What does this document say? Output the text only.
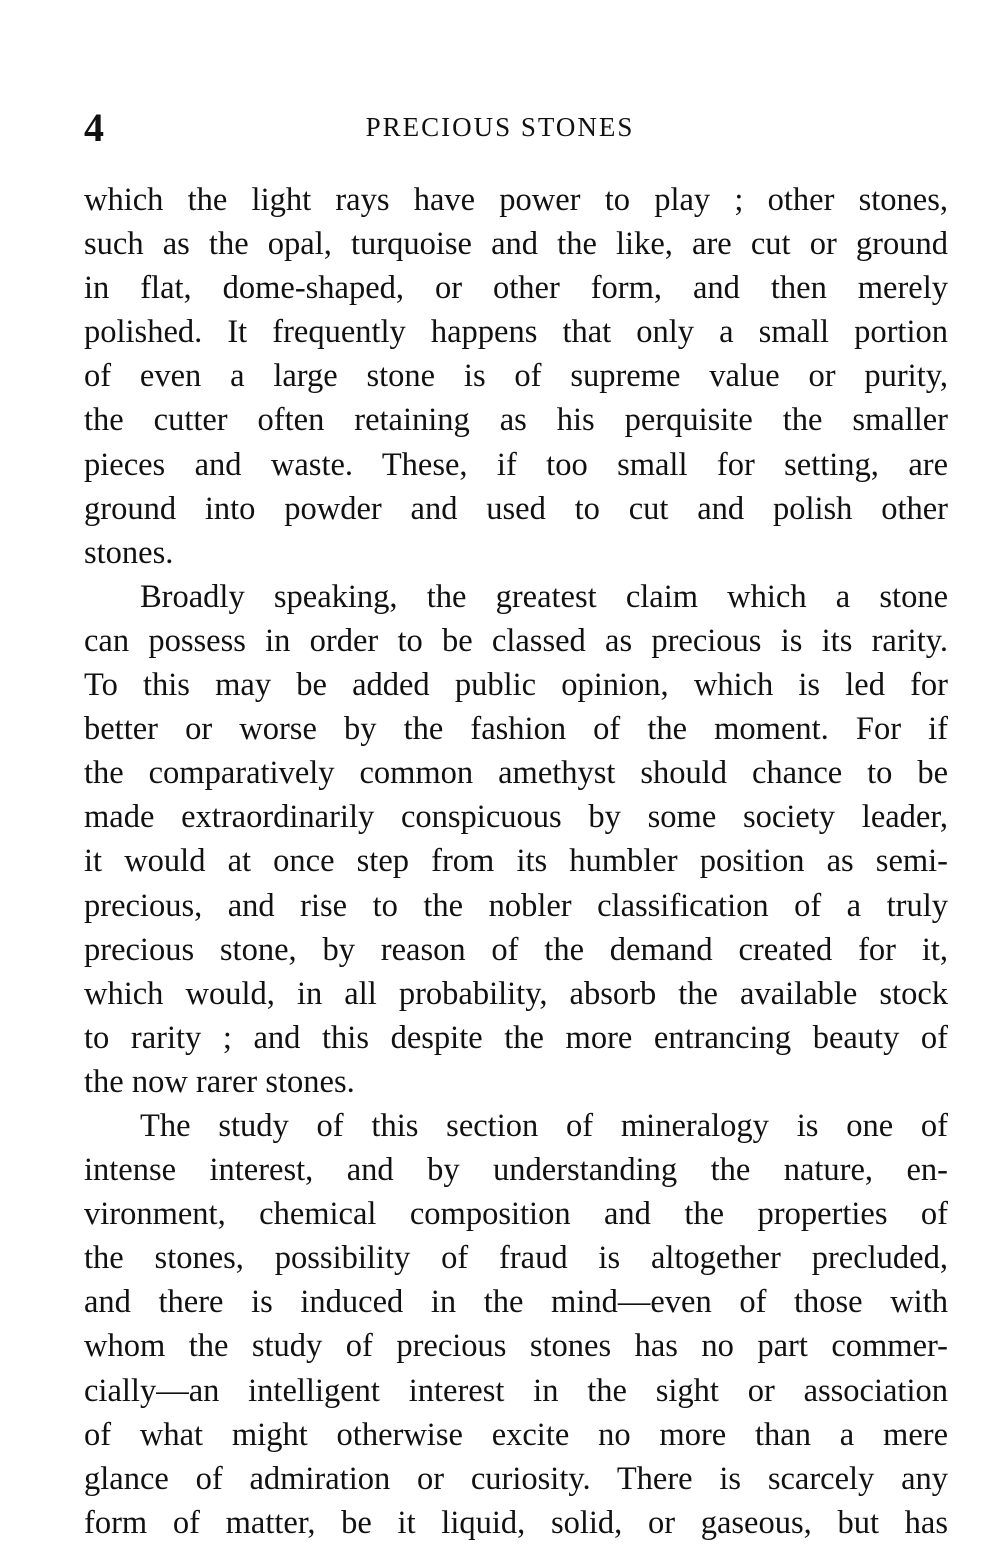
4	PRECIOUS STONES
which the light rays have power to play ; other stones,
such as the opal, turquoise and the like, are cut or ground
in flat, dome-shaped, or other form, and then merely
polished. It frequently happens that only a small portion
of even a large stone is of supreme value or purity,
the cutter often retaining as his perquisite the smaller
pieces and waste. These, if too small for setting, are
ground into powder and used to cut and polish other
stones.
Broadly speaking, the greatest claim which a stone
can possess in order to be classed as precious is its rarity.
To this may be added public opinion, which is led for
better or worse by the fashion of the moment. For if
the comparatively common amethyst should chance to be
made extraordinarily conspicuous by some society leader,
it would at once step from its humbler position as semi-
precious, and rise to the nobler classification of a truly
precious stone, by reason of the demand created for it,
which would, in all probability, absorb the available stock
to rarity ; and this despite the more entrancing beauty of
the now rarer stones.
The study of this section of mineralogy is one of
intense interest, and by understanding the nature, en-
vironment, chemical composition and the properties of
the stones, possibility of fraud is altogether precluded,
and there is induced in the mind—even of those with
whom the study of precious stones has no part commer-
cially—an intelligent interest in the sight or association
of what might otherwise excite no more than a mere
glance of admiration or curiosity. There is scarcely any
form of matter, be it liquid, solid, or gaseous, but has
